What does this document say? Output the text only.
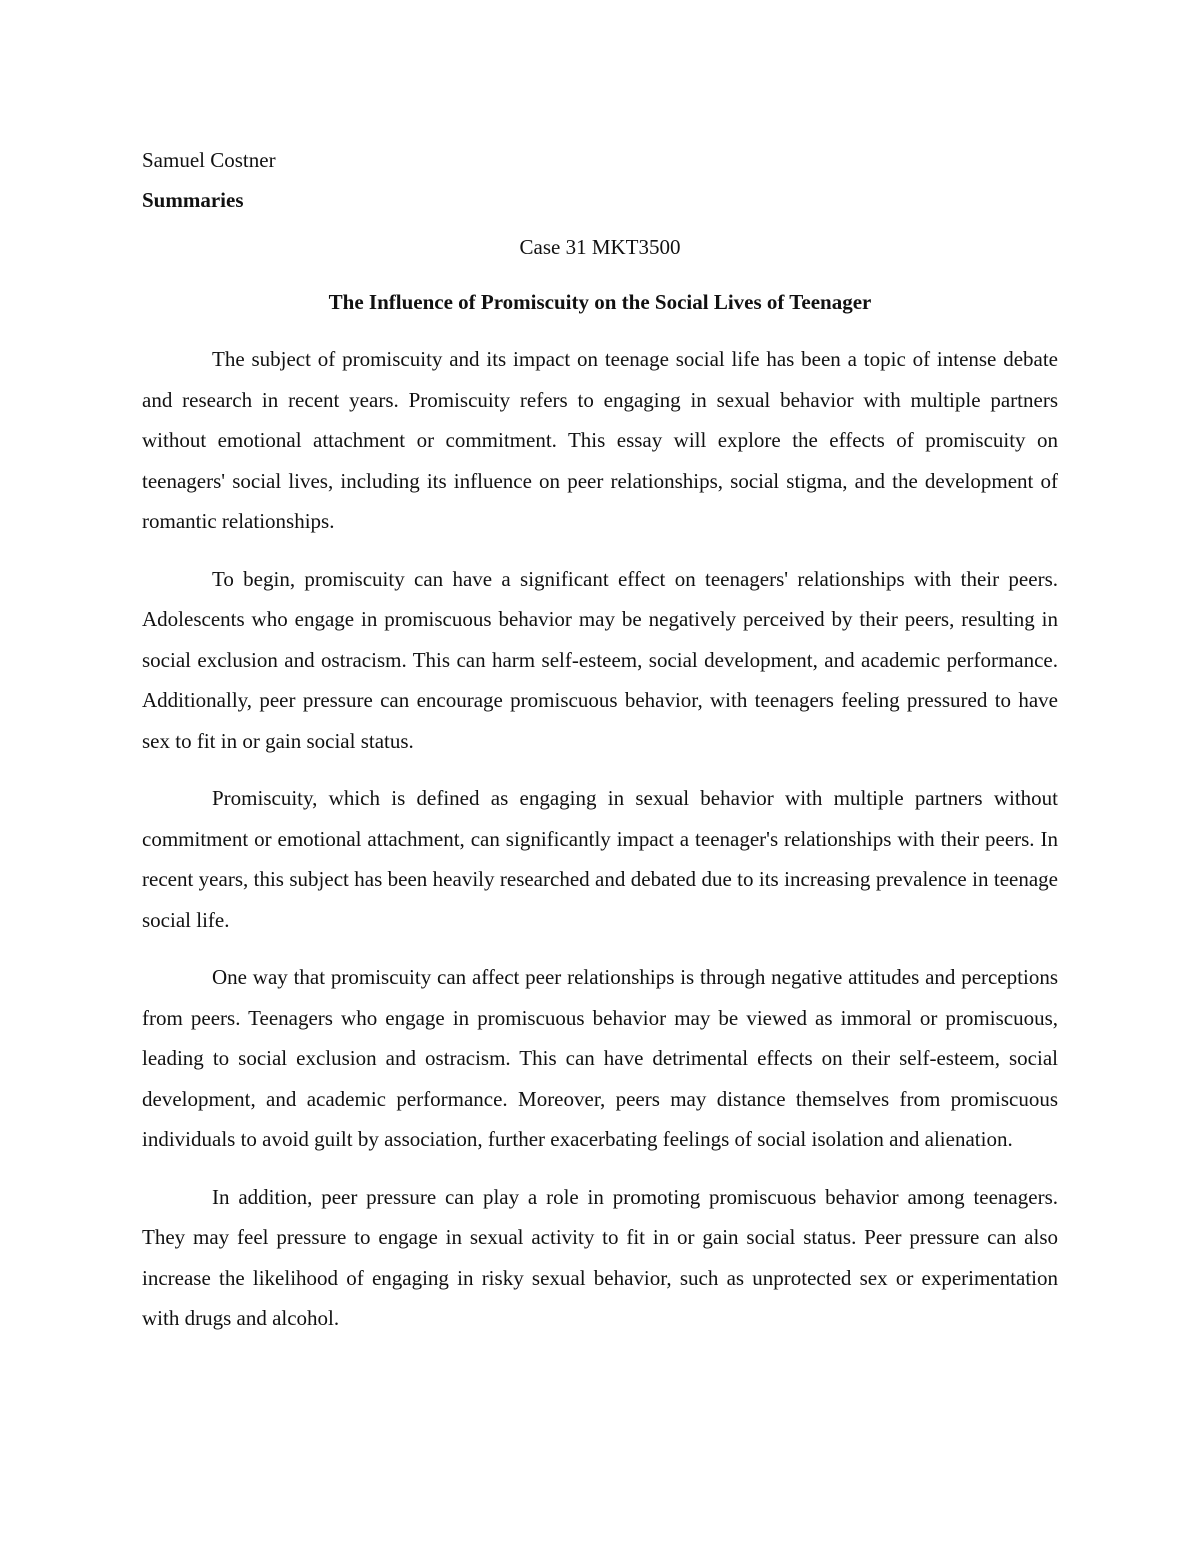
Samuel Costner

Summaries

Case 31 MKT3500

The Influence of Promiscuity on the Social Lives of Teenager

The subject of promiscuity and its impact on teenage social life has been a topic of intense debate and research in recent years. Promiscuity refers to engaging in sexual behavior with multiple partners without emotional attachment or commitment. This essay will explore the effects of promiscuity on teenagers' social lives, including its influence on peer relationships, social stigma, and the development of romantic relationships.

To begin, promiscuity can have a significant effect on teenagers' relationships with their peers. Adolescents who engage in promiscuous behavior may be negatively perceived by their peers, resulting in social exclusion and ostracism. This can harm self-esteem, social development, and academic performance. Additionally, peer pressure can encourage promiscuous behavior, with teenagers feeling pressured to have sex to fit in or gain social status.

Promiscuity, which is defined as engaging in sexual behavior with multiple partners without commitment or emotional attachment, can significantly impact a teenager's relationships with their peers. In recent years, this subject has been heavily researched and debated due to its increasing prevalence in teenage social life.

One way that promiscuity can affect peer relationships is through negative attitudes and perceptions from peers. Teenagers who engage in promiscuous behavior may be viewed as immoral or promiscuous, leading to social exclusion and ostracism. This can have detrimental effects on their self-esteem, social development, and academic performance. Moreover, peers may distance themselves from promiscuous individuals to avoid guilt by association, further exacerbating feelings of social isolation and alienation.

In addition, peer pressure can play a role in promoting promiscuous behavior among teenagers. They may feel pressure to engage in sexual activity to fit in or gain social status. Peer pressure can also increase the likelihood of engaging in risky sexual behavior, such as unprotected sex or experimentation with drugs and alcohol.
